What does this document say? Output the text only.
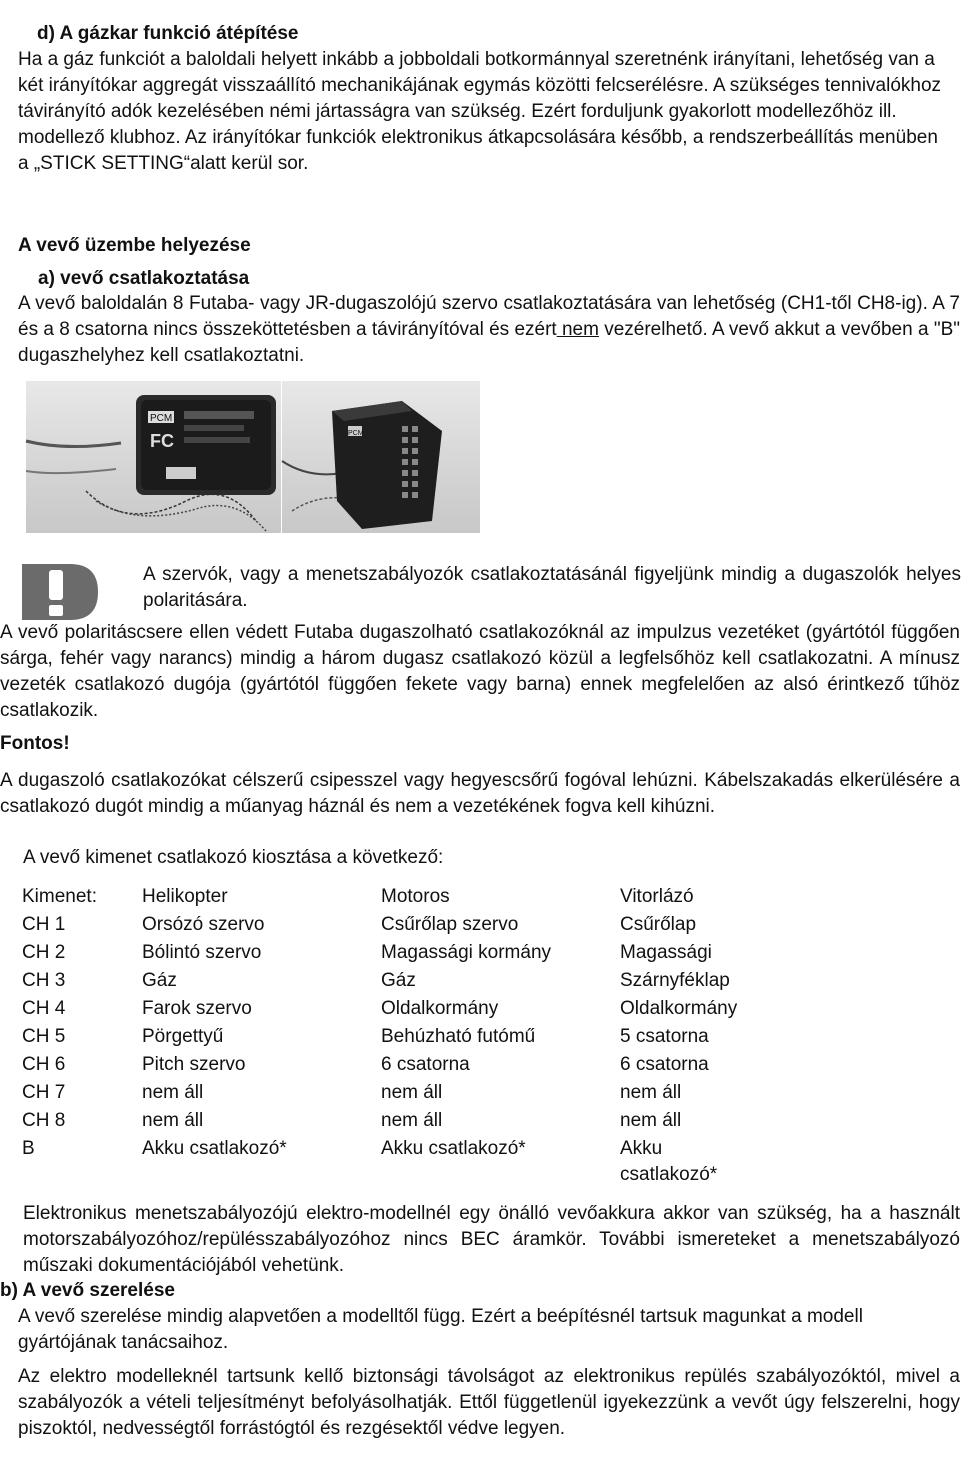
d) A gázkar funkció átépítése
Ha a gáz funkciót a baloldali helyett inkább a jobboldali botkormánnyal szeretnénk irányítani, lehetőség van a két irányítókar aggregát visszaállító mechanikájának egymás közötti felcserélésre. A szükséges tennivalókhoz távirányító adók kezelésében némi jártasságra van szükség. Ezért forduljunk gyakorlott modellezőhöz ill. modellező klubhoz. Az irányítókar funkciók elektronikus átkapcsolására később, a rendszerbeállítás menüben a „STICK SETTING“alatt kerül sor.
A vevő üzembe helyezése
a) vevő csatlakoztatása
A vevő baloldalán 8 Futaba- vagy JR-dugaszolójú szervo csatlakoztatására van lehetőség (CH1-től CH8-ig). A 7 és a 8 csatorna nincs összeköttetésben a távirányítóval és ezért nem vezérelhető. A vevő akkut a vevőben a "B" dugaszhelyhez kell csatlakoztatni.
PCM
FC	PCM
A szervók, vagy a menetszabályozók csatlakoztatásánál figyeljünk mindig a dugaszolók helyes polaritására.
A vevő polaritáscsere ellen védett Futaba dugaszolható csatlakozóknál az impulzus vezetéket (gyártótól függően sárga, fehér vagy narancs) mindig a három dugasz csatlakozó közül a legfelsőhöz kell csatlakozatni. A mínusz vezeték csatlakozó dugója (gyártótól függően fekete vagy barna) ennek megfelelően az alsó érintkező tűhöz csatlakozik.
Fontos!
A dugaszoló csatlakozókat célszerű csipesszel vagy hegyescsőrű fogóval lehúzni. Kábelszakadás elkerülésére a csatlakozó dugót mindig a műanyag háznál és nem a vezetékének fogva kell kihúzni.
A vevő kimenet csatlakozó kiosztása a következő:
Kimenet: Helikopter	Motoros	Vitorlázó
CH 1	Orsózó szervo	Csűrőlap szervo	Csűrőlap
CH 2	Bólintó szervo	Magassági kormány	Magassági
CH 3	Gáz	Gáz	Szárnyféklap
CH 4	Farok szervo	Oldalkormány	Oldalkormány
CH 5	Pörgettyű	Behúzható futómű	5 csatorna
CH 6	Pitch szervo	6 csatorna	6 csatorna
CH 7	nem áll	nem áll	nem áll
CH 8	nem áll	nem áll	nem áll
B	Akku csatlakozó*	Akku csatlakozó*	Akku csatlakozó*
Elektronikus menetszabályozójú elektro-modellnél egy önálló vevőakkura akkor van szükség, ha a használt motorszabályozóhoz/repülésszabályozóhoz nincs BEC áramkör. További ismereteket a menetszabályozó műszaki dokumentációjából vehetünk.
b) A vevő szerelése
A vevő szerelése mindig alapvetően a modelltől függ. Ezért a beépítésnél tartsuk magunkat a modell gyártójának tanácsaihoz.
Az elektro modelleknél tartsunk kellő biztonsági távolságot az elektronikus repülés szabályozóktól, mivel a szabályozók a vételi teljesítményt befolyásolhatják. Ettől függetlenül igyekezzünk a vevőt úgy felszerelni, hogy piszoktól, nedvességtől forrástógtól és rezgésektől védve legyen.
